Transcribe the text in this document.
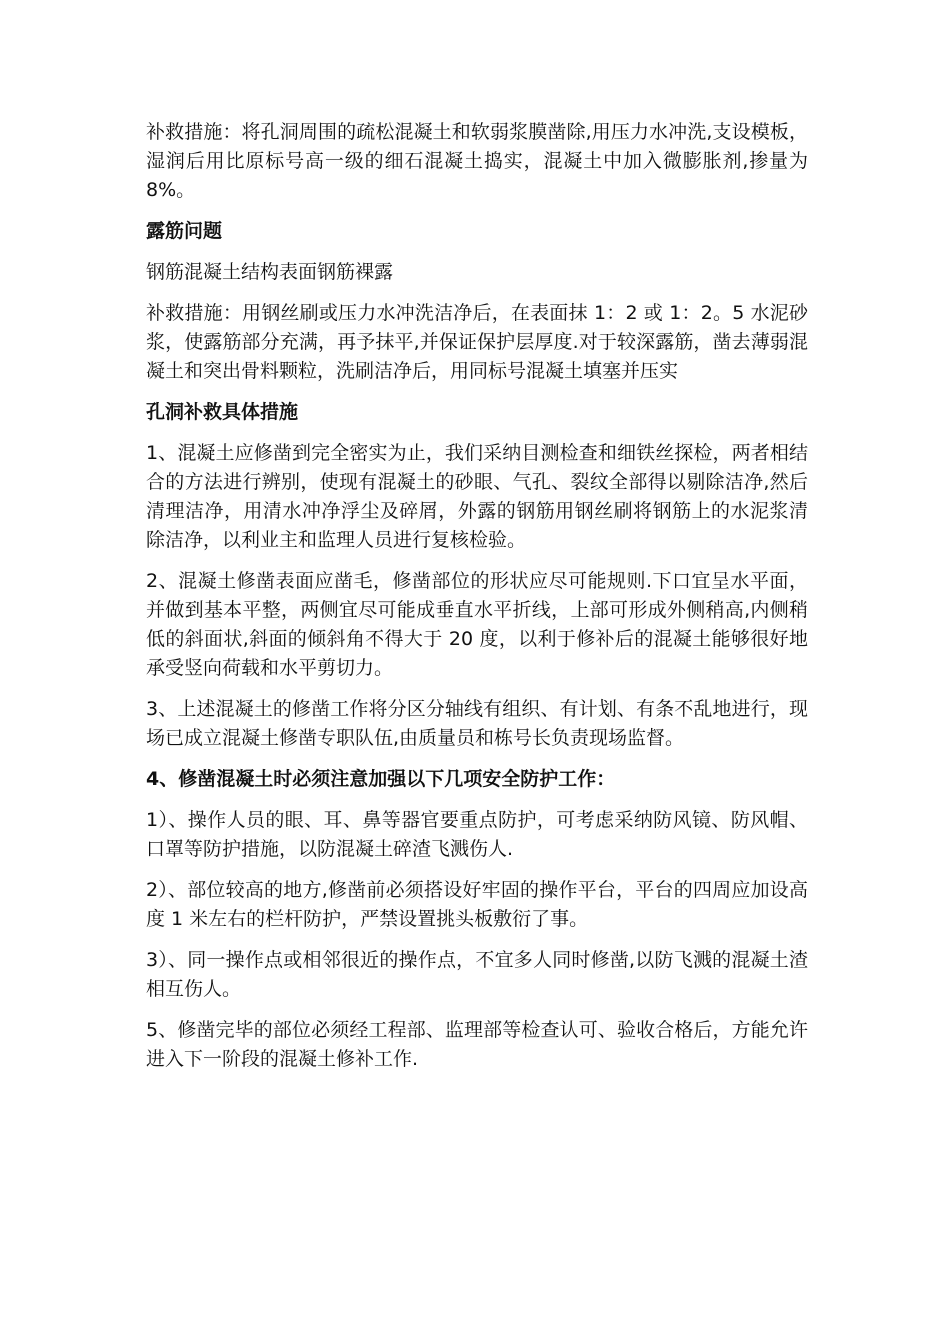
补救措施：将孔洞周围的疏松混凝土和软弱浆膜凿除,用压力水冲洗,支设模板，湿润后用比原标号高一级的细石混凝土捣实，混凝土中加入微膨胀剂,掺量为8%。

露筋问题

钢筋混凝土结构表面钢筋裸露

补救措施：用钢丝刷或压力水冲洗洁净后，在表面抹 1：2 或 1：2。5 水泥砂浆，使露筋部分充满，再予抹平,并保证保护层厚度.对于较深露筋，凿去薄弱混凝土和突出骨料颗粒，洗刷洁净后，用同标号混凝土填塞并压实

孔洞补救具体措施

1、混凝土应修凿到完全密实为止，我们采纳目测检查和细铁丝探检，两者相结合的方法进行辨别，使现有混凝土的砂眼、气孔、裂纹全部得以剔除洁净,然后清理洁净，用清水冲净浮尘及碎屑，外露的钢筋用钢丝刷将钢筋上的水泥浆清除洁净，以利业主和监理人员进行复核检验。

2、混凝土修凿表面应凿毛，修凿部位的形状应尽可能规则.下口宜呈水平面，并做到基本平整，两侧宜尽可能成垂直水平折线，上部可形成外侧稍高,内侧稍低的斜面状,斜面的倾斜角不得大于 20 度，以利于修补后的混凝土能够很好地承受竖向荷载和水平剪切力。

3、上述混凝土的修凿工作将分区分轴线有组织、有计划、有条不乱地进行，现场已成立混凝土修凿专职队伍,由质量员和栋号长负责现场监督。

4、修凿混凝土时必须注意加强以下几项安全防护工作：

1）、操作人员的眼、耳、鼻等器官要重点防护，可考虑采纳防风镜、防风帽、口罩等防护措施，以防混凝土碎渣飞溅伤人.

2）、部位较高的地方,修凿前必须搭设好牢固的操作平台，平台的四周应加设高度 1 米左右的栏杆防护，严禁设置挑头板敷衍了事。

3）、同一操作点或相邻很近的操作点，不宜多人同时修凿,以防飞溅的混凝土渣相互伤人。

5、修凿完毕的部位必须经工程部、监理部等检查认可、验收合格后，方能允许进入下一阶段的混凝土修补工作.
